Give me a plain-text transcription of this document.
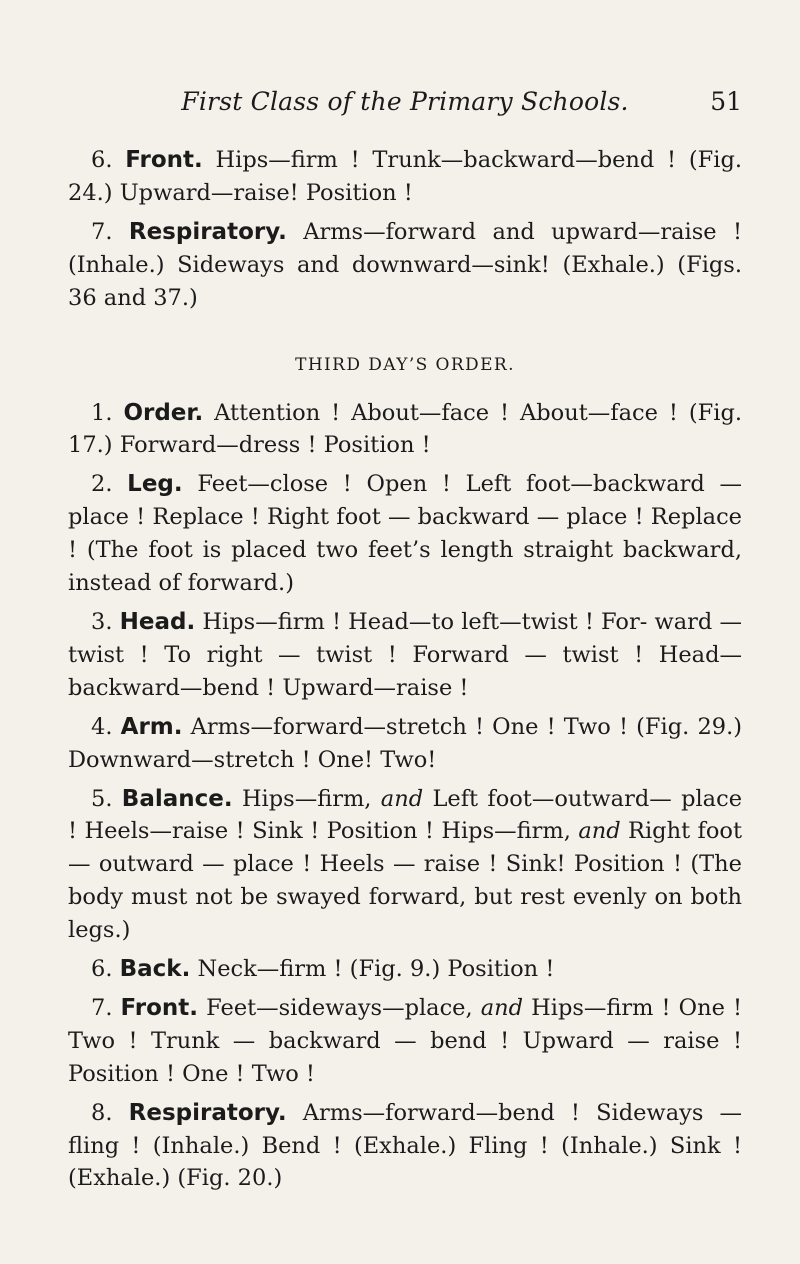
First Class of the Primary Schools.	51

6. Front. Hips—firm ! Trunk—backward—bend ! (Fig. 24.) Upward—raise! Position !

7. Respiratory. Arms—forward and upward—raise ! (Inhale.) Sideways and downward—sink! (Exhale.) (Figs. 36 and 37.)

THIRD DAY’S ORDER.

1. Order. Attention ! About—face ! About—face ! (Fig. 17.) Forward—dress ! Position !

2. Leg. Feet—close ! Open ! Left foot—backward — place ! Replace ! Right foot — backward — place ! Replace ! (The foot is placed two feet’s length straight backward, instead of forward.)

3. Head. Hips—firm ! Head—to left—twist ! For- ward — twist ! To right — twist ! Forward — twist ! Head—backward—bend ! Upward—raise !

4. Arm. Arms—forward—stretch ! One ! Two ! (Fig. 29.) Downward—stretch ! One! Two!

5. Balance. Hips—firm, and Left foot—outward— place ! Heels—raise ! Sink ! Position ! Hips—firm, and Right foot — outward — place ! Heels — raise ! Sink! Position ! (The body must not be swayed forward, but rest evenly on both legs.)

6. Back. Neck—firm ! (Fig. 9.) Position !

7. Front. Feet—sideways—place, and Hips—firm ! One ! Two ! Trunk — backward — bend ! Upward — raise ! Position ! One ! Two !

8. Respiratory. Arms—forward—bend ! Sideways —fling ! (Inhale.) Bend ! (Exhale.) Fling ! (Inhale.) Sink ! (Exhale.) (Fig. 20.)
